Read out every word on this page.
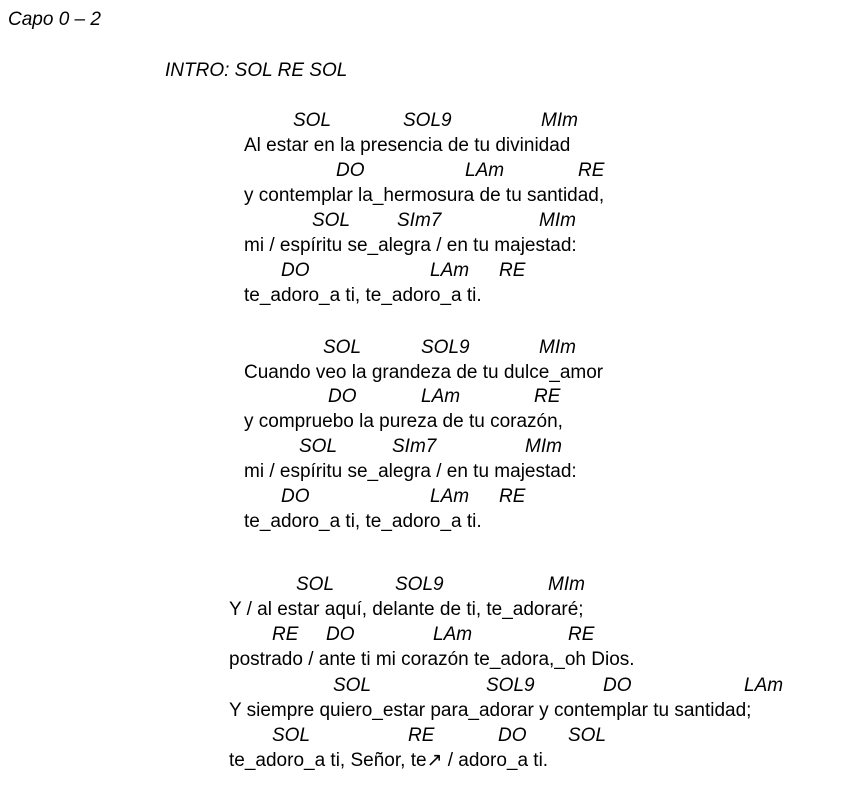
Capo 0 – 2
INTRO: SOL RE SOL
SOL	SOL9	MIm
Al estar en la presencia de tu divinidad
DO	LAm	RE
y contemplar la_hermosura de tu santidad,
SOL SIm7	MIm
mi / espíritu se_alegra / en tu majestad:
DO	LAm RE
te_adoro_a ti, te_adoro_a ti.
SOL	SOL9	MIm
Cuando veo la grandeza de tu dulce_amor
DO	LAm	RE
y compruebo la pureza de tu corazón,
SOL	SIm7	MIm
mi / espíritu se_alegra / en tu majestad:
DO	LAm RE
te_adoro_a ti, te_adoro_a ti.
SOL	SOL9	MIm
Y / al estar aquí, delante de ti, te_adoraré;
RE DO	LAm	RE
postrado / ante ti mi corazón te_adora,_oh Dios.
SOL	SOL9	DO	LAm
Y siempre quiero_estar para_adorar y contemplar tu santidad;
SOL	RE	DO SOL
te_adoro_a ti, Señor, te↗ / adoro_a ti.
